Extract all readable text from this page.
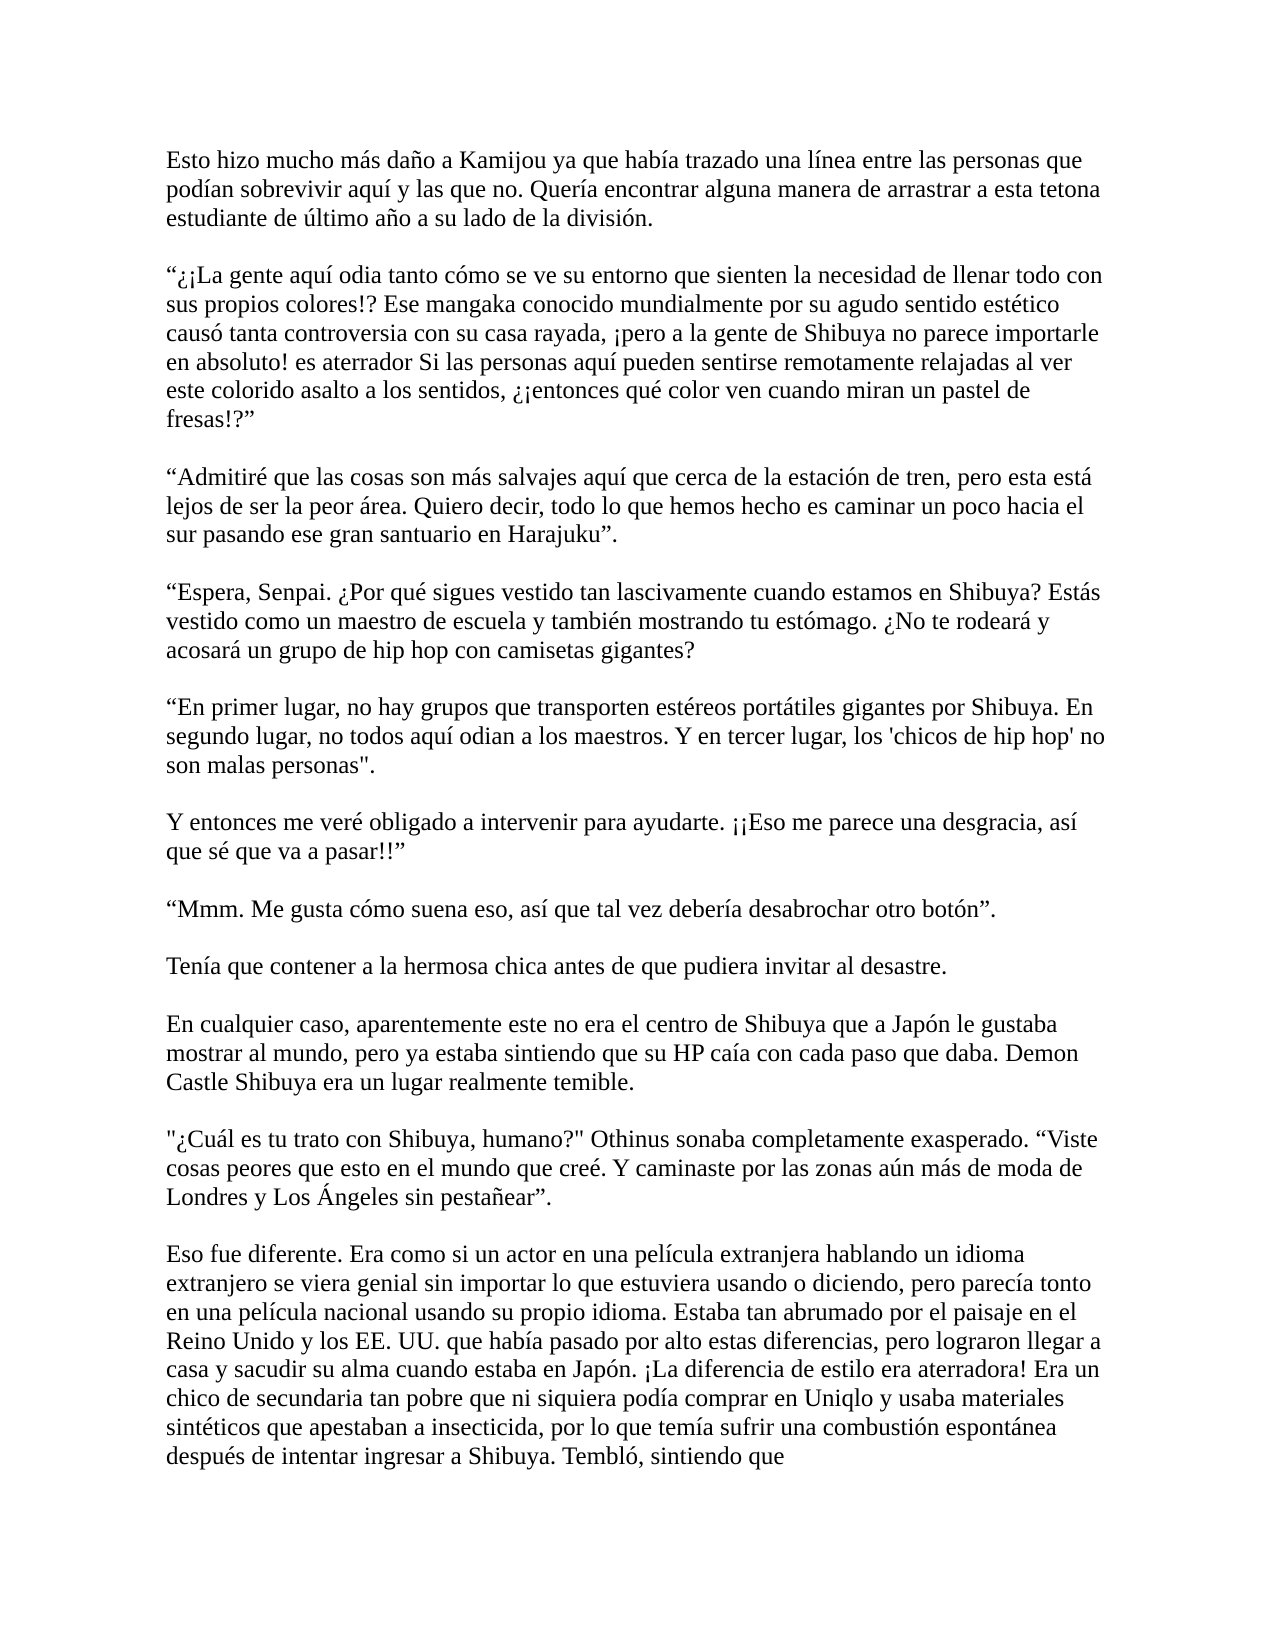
Esto hizo mucho más daño a Kamijou ya que había trazado una línea entre las personas que podían sobrevivir aquí y las que no. Quería encontrar alguna manera de arrastrar a esta tetona estudiante de último año a su lado de la división.

“¿¡La gente aquí odia tanto cómo se ve su entorno que sienten la necesidad de llenar todo con sus propios colores!? Ese mangaka conocido mundialmente por su agudo sentido estético causó tanta controversia con su casa rayada, ¡pero a la gente de Shibuya no parece importarle en absoluto! es aterrador Si las personas aquí pueden sentirse remotamente relajadas al ver este colorido asalto a los sentidos, ¿¡entonces qué color ven cuando miran un pastel de fresas!?”

“Admitiré que las cosas son más salvajes aquí que cerca de la estación de tren, pero esta está lejos de ser la peor área. Quiero decir, todo lo que hemos hecho es caminar un poco hacia el sur pasando ese gran santuario en Harajuku”.

“Espera, Senpai. ¿Por qué sigues vestido tan lascivamente cuando estamos en Shibuya? Estás vestido como un maestro de escuela y también mostrando tu estómago. ¿No te rodeará y acosará un grupo de hip hop con camisetas gigantes?

“En primer lugar, no hay grupos que transporten estéreos portátiles gigantes por Shibuya. En segundo lugar, no todos aquí odian a los maestros. Y en tercer lugar, los 'chicos de hip hop' no son malas personas".

Y entonces me veré obligado a intervenir para ayudarte. ¡¡Eso me parece una desgracia, así que sé que va a pasar!!”

“Mmm. Me gusta cómo suena eso, así que tal vez debería desabrochar otro botón”.

Tenía que contener a la hermosa chica antes de que pudiera invitar al desastre.

En cualquier caso, aparentemente este no era el centro de Shibuya que a Japón le gustaba mostrar al mundo, pero ya estaba sintiendo que su HP caía con cada paso que daba. Demon Castle Shibuya era un lugar realmente temible.

"¿Cuál es tu trato con Shibuya, humano?" Othinus sonaba completamente exasperado. “Viste cosas peores que esto en el mundo que creé. Y caminaste por las zonas aún más de moda de Londres y Los Ángeles sin pestañear”.

Eso fue diferente. Era como si un actor en una película extranjera hablando un idioma extranjero se viera genial sin importar lo que estuviera usando o diciendo, pero parecía tonto en una película nacional usando su propio idioma. Estaba tan abrumado por el paisaje en el Reino Unido y los EE. UU. que había pasado por alto estas diferencias, pero lograron llegar a casa y sacudir su alma cuando estaba en Japón. ¡La diferencia de estilo era aterradora! Era un chico de secundaria tan pobre que ni siquiera podía comprar en Uniqlo y usaba materiales sintéticos que apestaban a insecticida, por lo que temía sufrir una combustión espontánea después de intentar ingresar a Shibuya. Tembló, sintiendo que
